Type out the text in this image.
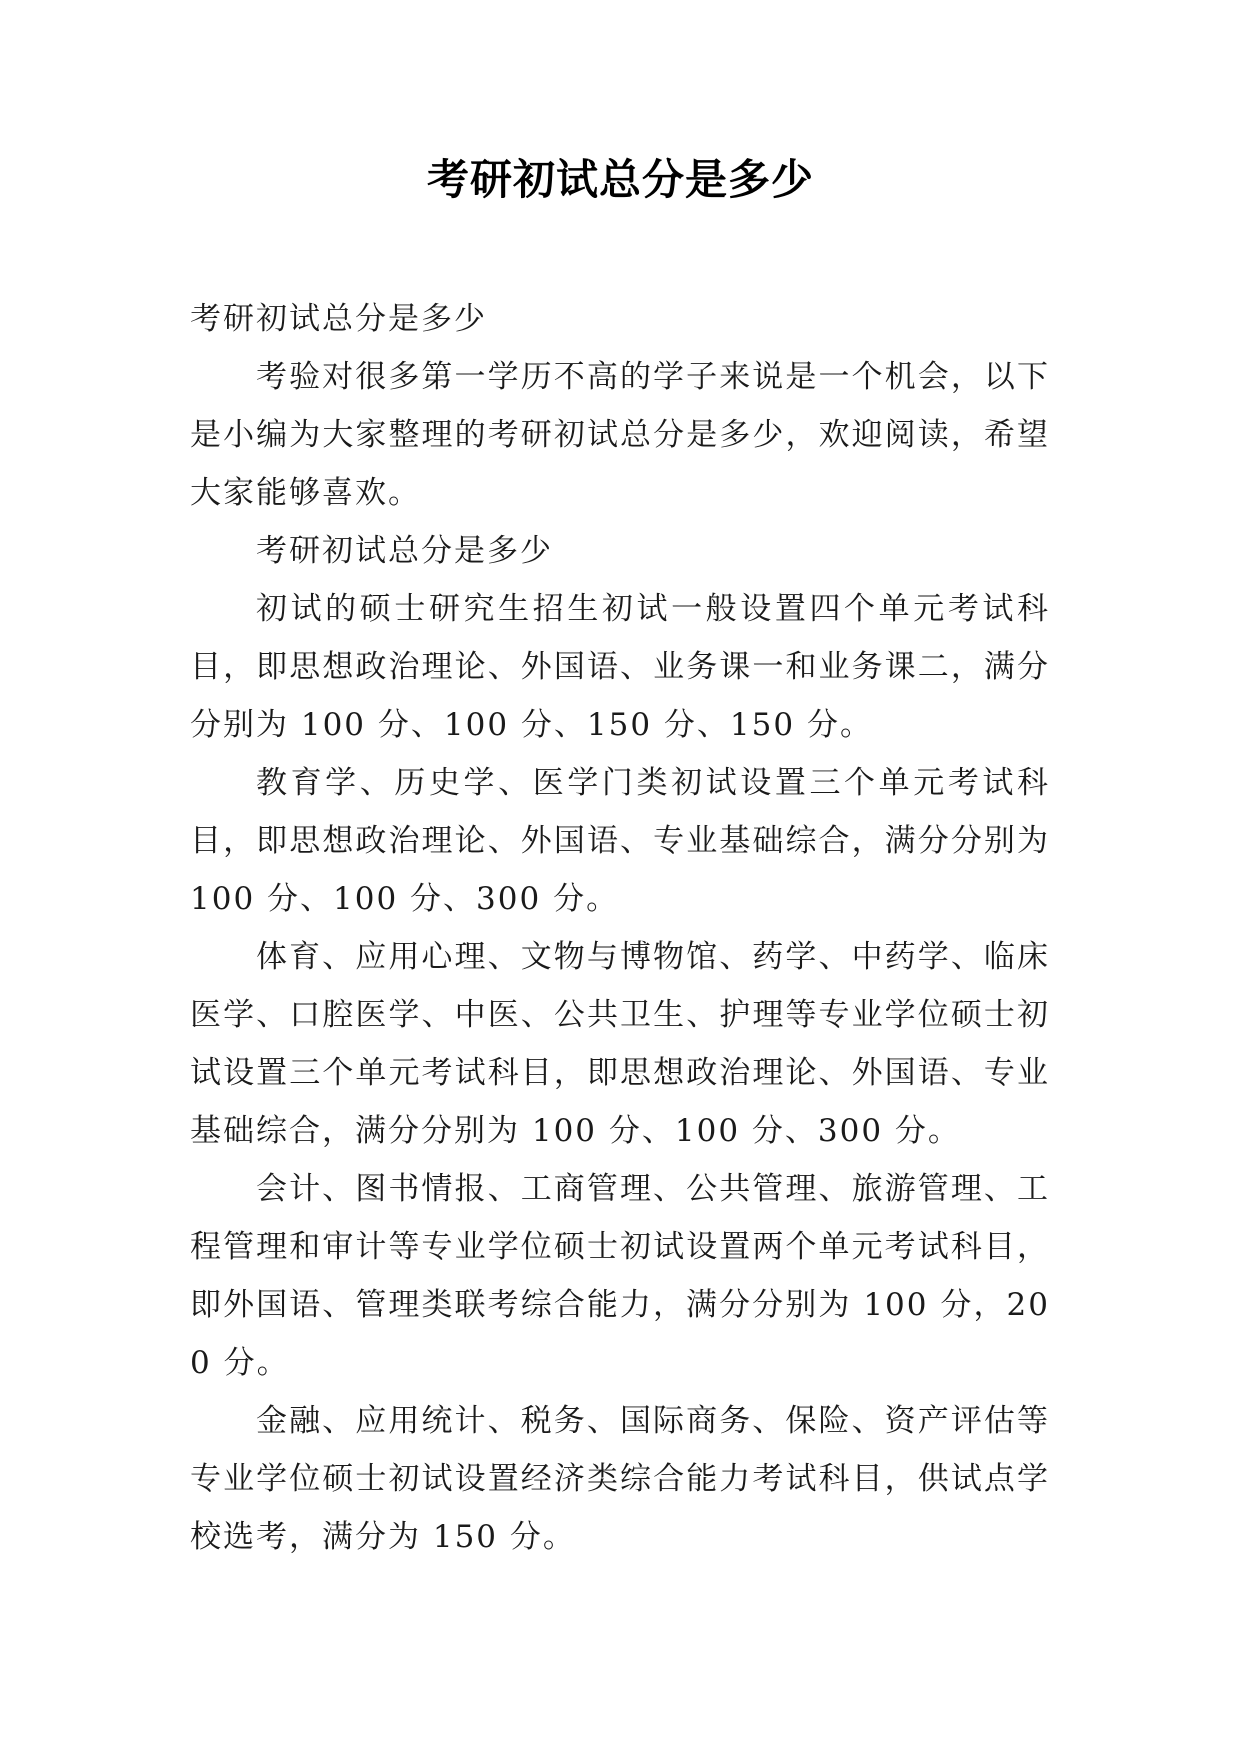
考研初试总分是多少

考研初试总分是多少

考验对很多第一学历不高的学子来说是一个机会，以下是小编为大家整理的考研初试总分是多少，欢迎阅读，希望大家能够喜欢。

考研初试总分是多少

初试的硕士研究生招生初试一般设置四个单元考试科目，即思想政治理论、外国语、业务课一和业务课二，满分分别为 100 分、100 分、150 分、150 分。

教育学、历史学、医学门类初试设置三个单元考试科目，即思想政治理论、外国语、专业基础综合，满分分别为 100 分、100 分、300 分。

体育、应用心理、文物与博物馆、药学、中药学、临床医学、口腔医学、中医、公共卫生、护理等专业学位硕士初试设置三个单元考试科目，即思想政治理论、外国语、专业基础综合，满分分别为 100 分、100 分、300 分。

会计、图书情报、工商管理、公共管理、旅游管理、工程管理和审计等专业学位硕士初试设置两个单元考试科目，即外国语、管理类联考综合能力，满分分别为 100 分，200 分。

金融、应用统计、税务、国际商务、保险、资产评估等专业学位硕士初试设置经济类综合能力考试科目，供试点学校选考，满分为 150 分。
